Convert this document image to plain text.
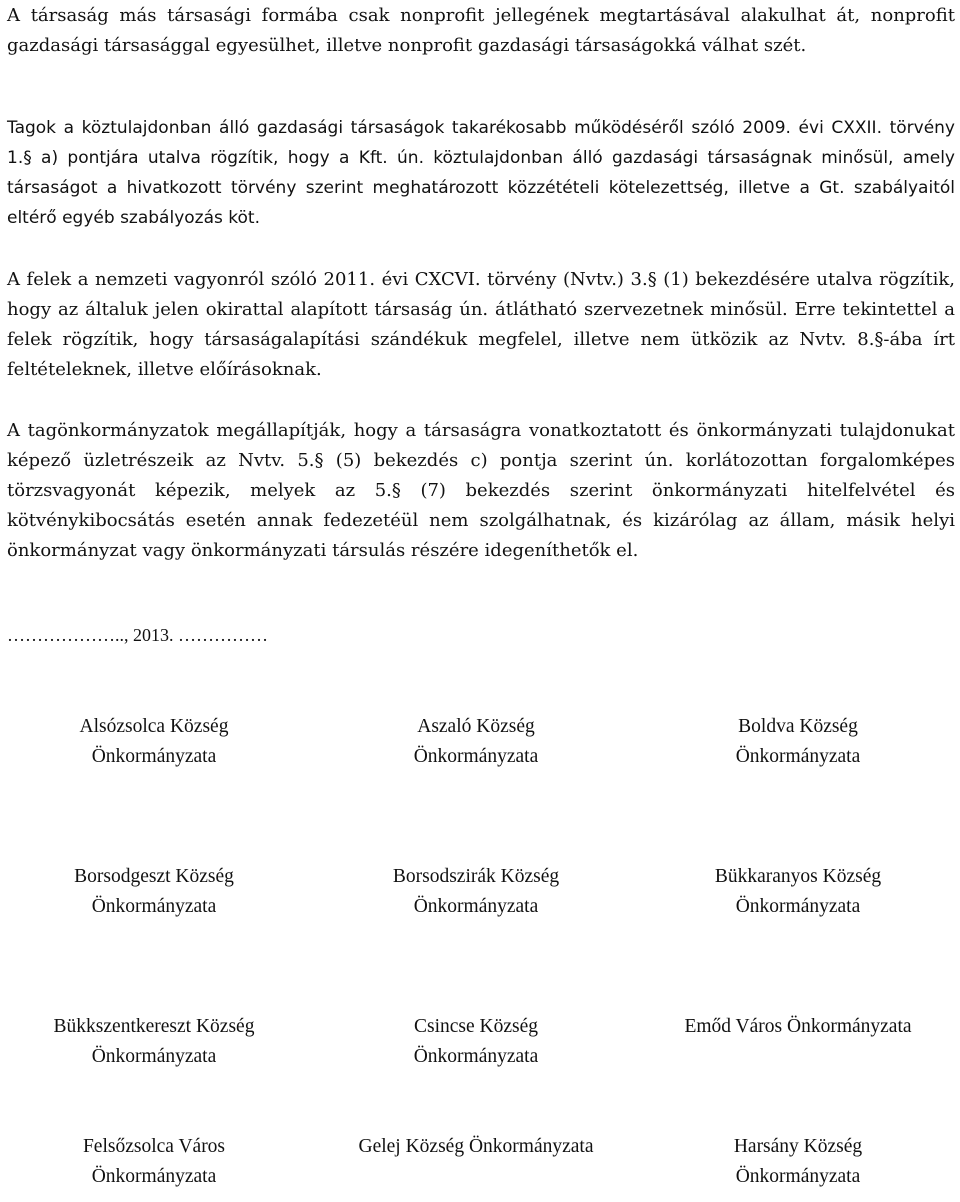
A társaság más társasági formába csak nonprofit jellegének megtartásával alakulhat át, nonprofit gazdasági társasággal egyesülhet, illetve nonprofit gazdasági társaságokká válhat szét.

Tagok a köztulajdonban álló gazdasági társaságok takarékosabb működéséről szóló 2009. évi CXXII. törvény 1.§ a) pontjára utalva rögzítik, hogy a Kft. ún. köztulajdonban álló gazdasági társaságnak minősül, amely társaságot a hivatkozott törvény szerint meghatározott közzétételi kötelezettség, illetve a Gt. szabályaitól eltérő egyéb szabályozás köt.

A felek a nemzeti vagyonról szóló 2011. évi CXCVI. törvény (Nvtv.) 3.§ (1) bekezdésére utalva rögzítik, hogy az általuk jelen okirattal alapított társaság ún. átlátható szervezetnek minősül. Erre tekintettel a felek rögzítik, hogy társaságalapítási szándékuk megfelel, illetve nem ütközik az Nvtv. 8.§-ába írt feltételeknek, illetve előírásoknak.

A tagönkormányzatok megállapítják, hogy a társaságra vonatkoztatott és önkormányzati tulajdonukat képező üzletrészeik az Nvtv. 5.§ (5) bekezdés c) pontja szerint ún. korlátozottan forgalomképes törzsvagyonát képezik, melyek az 5.§ (7) bekezdés szerint önkormányzati hitelfelvétel és kötvénykibocsátás esetén annak fedezetéül nem szolgálhatnak, és kizárólag az állam, másik helyi önkormányzat vagy önkormányzati társulás részére idegeníthetők el.

……………….., 2013. ……………
Alsózsolca Község
Önkormányzata
Aszaló Község
Önkormányzata
Boldva Község
Önkormányzata
Borsodgeszt Község
Önkormányzata
Borsodszirák Község
Önkormányzata
Bükkaranyos Község
Önkormányzata
Bükkszentkereszt Község
Önkormányzata
Csincse Község
Önkormányzata
Emőd Város Önkormányzata
Felsőzsolca Város
Önkormányzata
Gelej Község Önkormányzata	Harsány Község
Önkormányzata
